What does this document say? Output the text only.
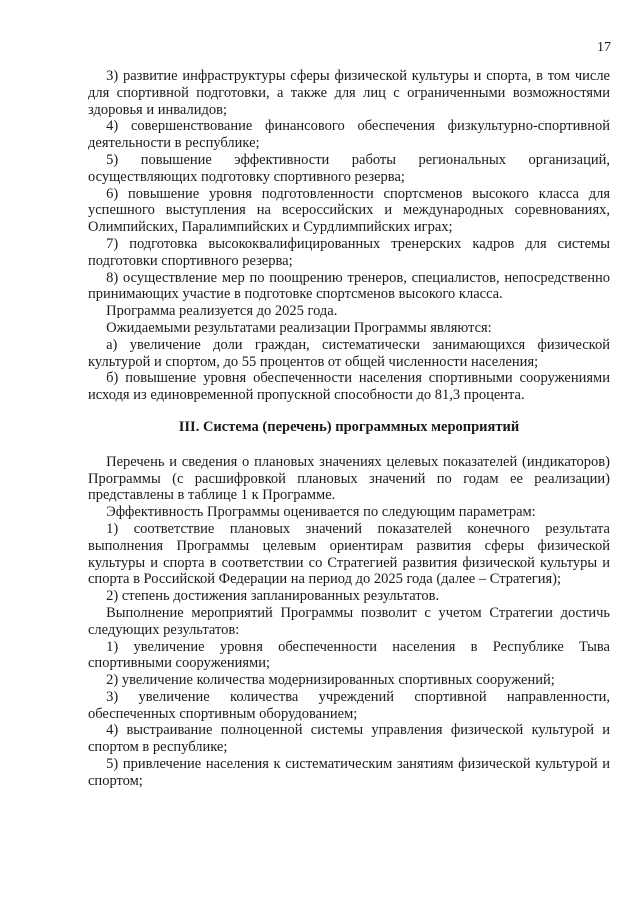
17

3) развитие инфраструктуры сферы физической культуры и спорта, в том числе для спортивной подготовки, а также для лиц с ограниченными возможностями здоровья и инвалидов;

4) совершенствование финансового обеспечения физкультурно-спортивной деятельности в республике;

5) повышение эффективности работы региональных организаций, осуществляющих подготовку спортивного резерва;

6) повышение уровня подготовленности спортсменов высокого класса для успешного выступления на всероссийских и международных соревнованиях, Олимпийских, Паралимпийских и Сурдлимпийских играх;

7) подготовка высококвалифицированных тренерских кадров для системы подготовки спортивного резерва;

8) осуществление мер по поощрению тренеров, специалистов, непосредственно принимающих участие в подготовке спортсменов высокого класса.

Программа реализуется до 2025 года.

Ожидаемыми результатами реализации Программы являются:

а) увеличение доли граждан, систематически занимающихся физической культурой и спортом, до 55 процентов от общей численности населения;

б) повышение уровня обеспеченности населения спортивными сооружениями исходя из единовременной пропускной способности до 81,3 процента.

III. Система (перечень) программных мероприятий

Перечень и сведения о плановых значениях целевых показателей (индикаторов) Программы (с расшифровкой плановых значений по годам ее реализации) представлены в таблице 1 к Программе.

Эффективность Программы оценивается по следующим параметрам:

1) соответствие плановых значений показателей конечного результата выполнения Программы целевым ориентирам развития сферы физической культуры и спорта в соответствии со Стратегией развития физической культуры и спорта в Российской Федерации на период до 2025 года (далее – Стратегия);

2) степень достижения запланированных результатов.

Выполнение мероприятий Программы позволит с учетом Стратегии достичь следующих результатов:

1) увеличение уровня обеспеченности населения в Республике Тыва спортивными сооружениями;

2) увеличение количества модернизированных спортивных сооружений;

3) увеличение количества учреждений спортивной направленности, обеспеченных спортивным оборудованием;

4) выстраивание полноценной системы управления физической культурой и спортом в республике;

5) привлечение населения к систематическим занятиям физической культурой и спортом;
